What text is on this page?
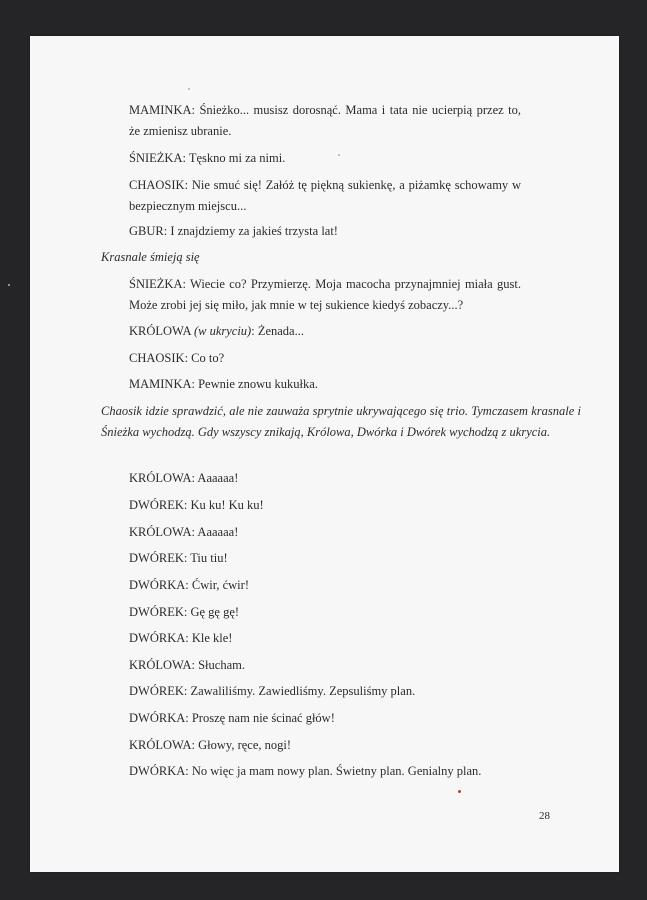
MAMINKA: Śnieżko... musisz dorosnąć. Mama i tata nie ucierpią przez to, że zmienisz ubranie.

ŚNIEŻKA: Tęskno mi za nimi.

CHAOSIK: Nie smuć się! Załóż tę piękną sukienkę, a piżamkę schowamy w bezpiecznym miejscu...

GBUR: I znajdziemy za jakieś trzysta lat!

Krasnale śmieją się

ŚNIEŻKA: Wiecie co? Przymierzę. Moja macocha przynajmniej miała gust. Może zrobi jej się miło, jak mnie w tej sukience kiedyś zobaczy...?

KRÓLOWA (w ukryciu): Żenada...

CHAOSIK: Co to?

MAMINKA: Pewnie znowu kukułka.

Chaosik idzie sprawdzić, ale nie zauważa sprytnie ukrywającego się trio. Tymczasem krasnale i Śnieżka wychodzą. Gdy wszyscy znikają, Królowa, Dwórka i Dwórek wychodzą z ukrycia.

KRÓLOWA: Aaaaaa!

DWÓREK: Ku ku! Ku ku!

KRÓLOWA: Aaaaaa!

DWÓREK: Tiu tiu!

DWÓRKA: Ćwir, ćwir!

DWÓREK: Gę gę gę!

DWÓRKA: Kle kle!

KRÓLOWA: Słucham.

DWÓREK: Zawaliliśmy. Zawiedliśmy. Zepsuliśmy plan.

DWÓRKA: Proszę nam nie ścinać głów!

KRÓLOWA: Głowy, ręce, nogi!

DWÓRKA: No więc ja mam nowy plan. Świetny plan. Genialny plan.

28
